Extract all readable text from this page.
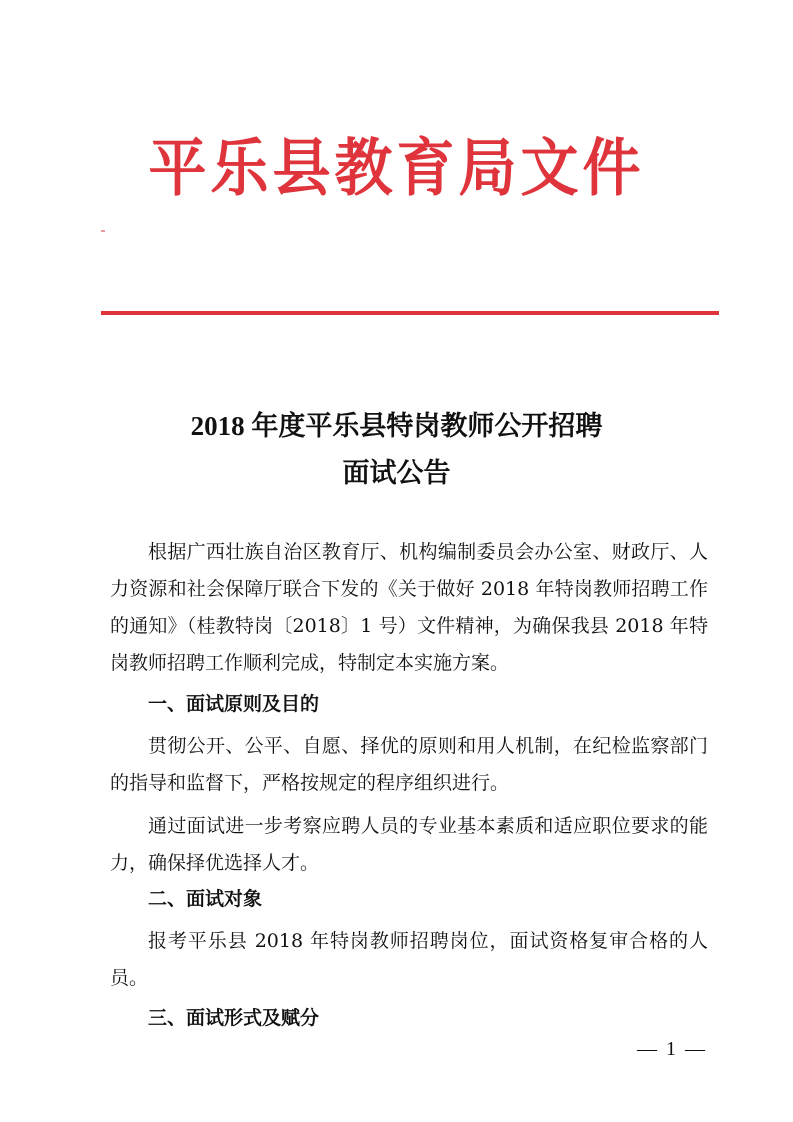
平乐县教育局文件
2018 年度平乐县特岗教师公开招聘
面试公告

根据广西壮族自治区教育厅、机构编制委员会办公室、财政厅、人力资源和社会保障厅联合下发的《关于做好 2018 年特岗教师招聘工作的通知》（桂教特岗〔2018〕1 号）文件精神，为确保我县 2018 年特岗教师招聘工作顺利完成，特制定本实施方案。

一、面试原则及目的

贯彻公开、公平、自愿、择优的原则和用人机制，在纪检监察部门的指导和监督下，严格按规定的程序组织进行。

通过面试进一步考察应聘人员的专业基本素质和适应职位要求的能力，确保择优选择人才。

二、面试对象

报考平乐县 2018 年特岗教师招聘岗位，面试资格复审合格的人员。

三、面试形式及赋分
— 1 —
